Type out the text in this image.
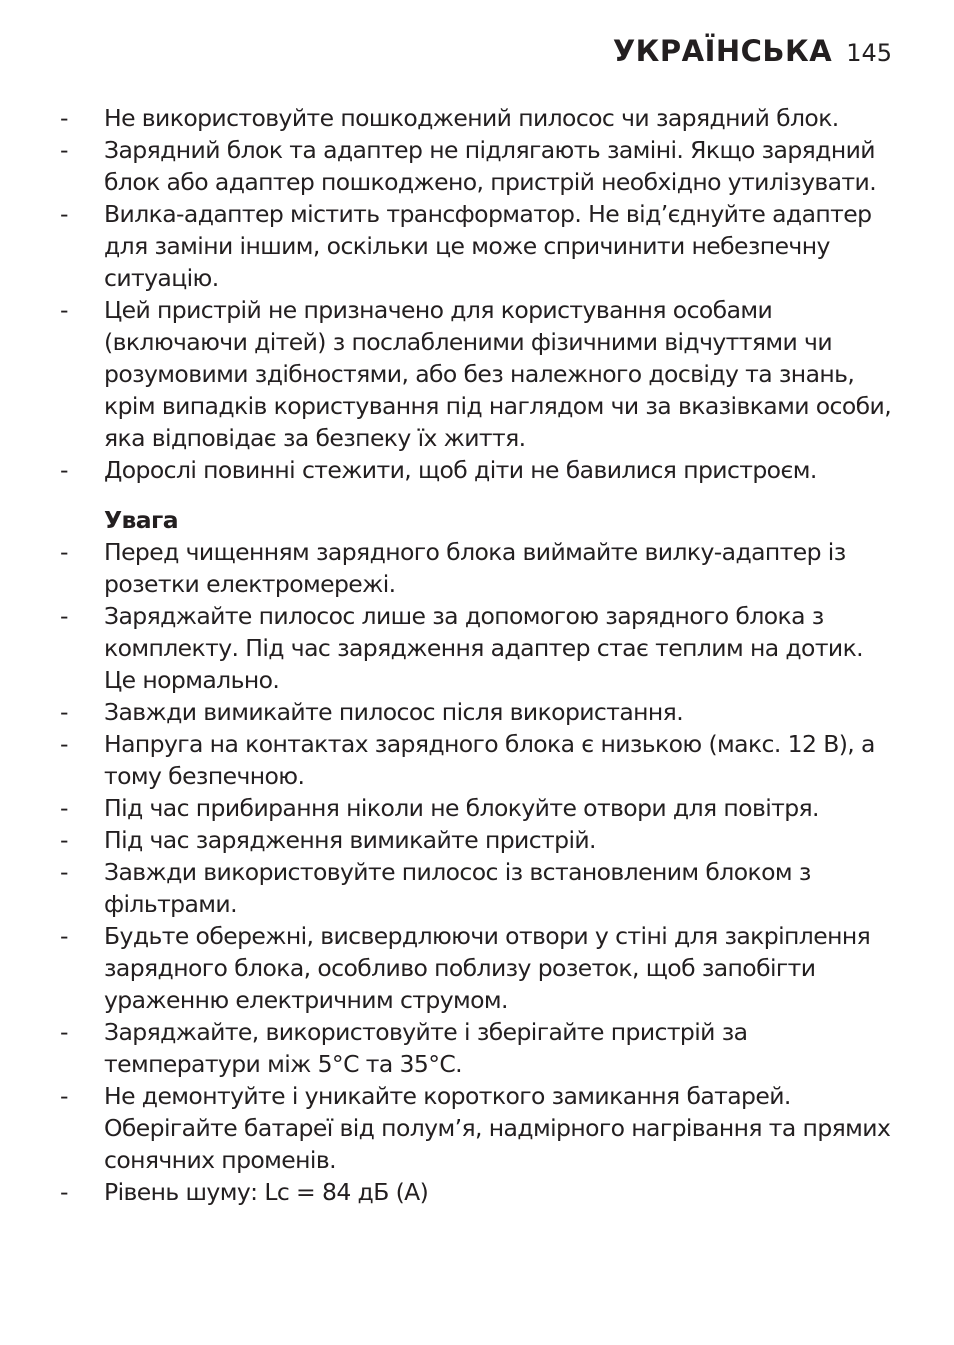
УКРАЇНСЬКА 145
-	Не використовуйте пошкоджений пилосос чи зарядний блок.
-	Зарядний блок та адаптер не підлягають заміні. Якщо зарядний блок або адаптер пошкоджено, пристрій необхідно утилізувати.
-	Вилка-адаптер містить трансформатор. Не від’єднуйте адаптер для заміни іншим, оскільки це може спричинити небезпечну ситуацію.
-	Цей пристрій не призначено для користування особами (включаючи дітей) з послабленими фізичними відчуттями чи розумовими здібностями, або без належного досвіду та знань, крім випадків користування під наглядом чи за вказівками особи, яка відповідає за безпеку їх життя.
-	Дорослі повинні стежити, щоб діти не бавилися пристроєм.
Увага
-	Перед чищенням зарядного блока виймайте вилку-адаптер із розетки електромережі.
-	Заряджайте пилосос лише за допомогою зарядного блока з комплекту. Під час зарядження адаптер стає теплим на дотик. Це нормально.
-	Завжди вимикайте пилосос після використання.
-	Напруга на контактах зарядного блока є низькою (макс. 12 В), а тому безпечною.
-	Під час прибирання ніколи не блокуйте отвори для повітря.
-	Під час зарядження вимикайте пристрій.
-	Завжди використовуйте пилосос із встановленим блоком з фільтрами.
-	Будьте обережні, висвердлюючи отвори у стіні для закріплення зарядного блока, особливо поблизу розеток, щоб запобігти ураженню електричним струмом.
-	Заряджайте, використовуйте і зберігайте пристрій за температури між 5°C та 35°C.
-	Не демонтуйте і уникайте короткого замикання батарей. Оберігайте батареї від полум’я, надмірного нагрівання та прямих сонячних променів.
-	Рівень шуму: Lc = 84 дБ (A)
